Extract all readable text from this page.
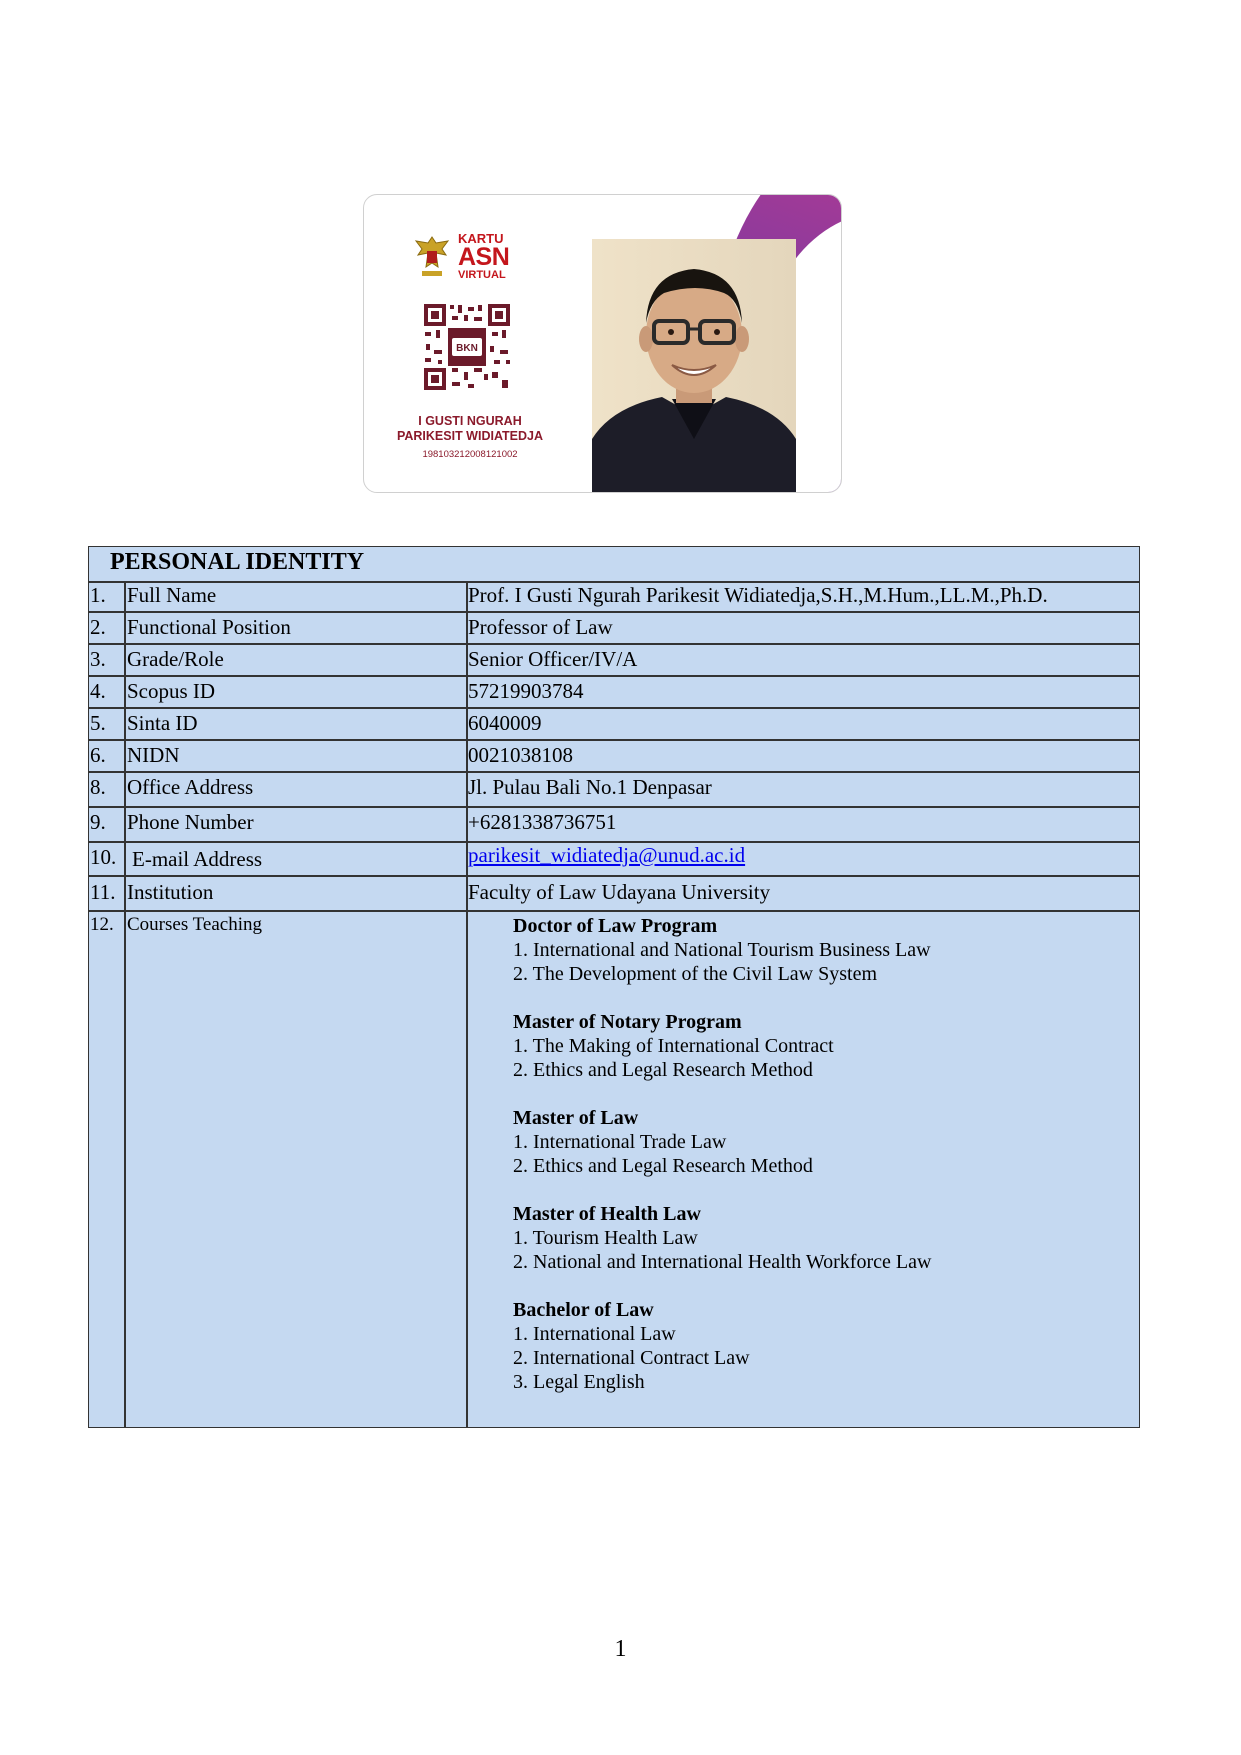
KARTU
ASN
VIRTUAL
BKN
I GUSTI NGURAH
PARIKESIT WIDIATEDJA
198103212008121002
PERSONAL IDENTITY
1. Full Name	Prof. I Gusti Ngurah Parikesit Widiatedja,S.H.,M.Hum.,LL.M.,Ph.D.
2. Functional Position	Professor of Law
3. Grade/Role	Senior Officer/IV/A
4. Scopus ID	57219903784
5. Sinta ID	6040009
6. NIDN	0021038108
8. Office Address	Jl. Pulau Bali No.1 Denpasar
9. Phone Number	+6281338736751
10. E-mail Address	parikesit_widiatedja@unud.ac.id
11. Institution	Faculty of Law Udayana University
12. Courses Teaching	Doctor of Law Program
1. International and National Tourism Business Law
2. The Development of the Civil Law System
Master of Notary Program
1. The Making of International Contract
2. Ethics and Legal Research Method
Master of Law
1. International Trade Law
2. Ethics and Legal Research Method
Master of Health Law
1. Tourism Health Law
2. National and International Health Workforce Law
Bachelor of Law
1. International Law
2. International Contract Law
3. Legal English
1
